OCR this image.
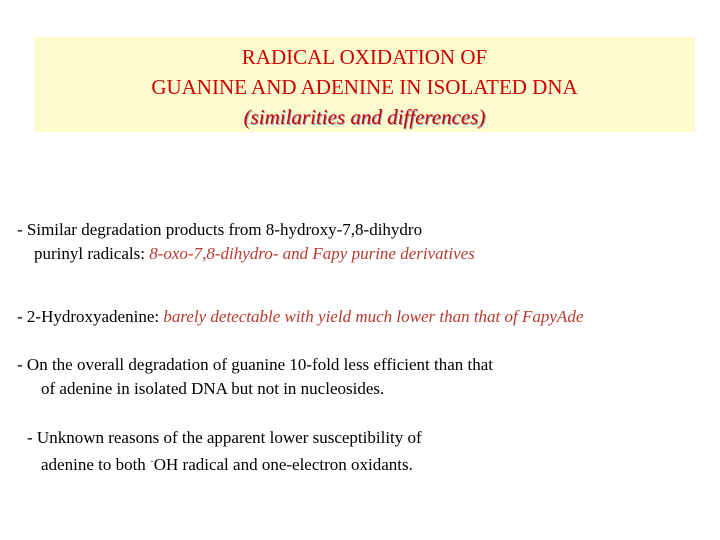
RADICAL OXIDATION OF

GUANINE AND ADENINE IN ISOLATED DNA

(similarities and differences)

- Similar degradation products from 8-hydroxy-7,8-dihydro
purinyl radicals: 8-oxo-7,8-dihydro- and Fapy purine derivatives
- 2-Hydroxyadenine: barely detectable with yield much lower than that of FapyAde
- On the overall degradation of guanine 10-fold less efficient than that
of adenine in isolated DNA but not in nucleosides.
- Unknown reasons of the apparent lower susceptibility of
adenine to both ·OH radical and one-electron oxidants.
